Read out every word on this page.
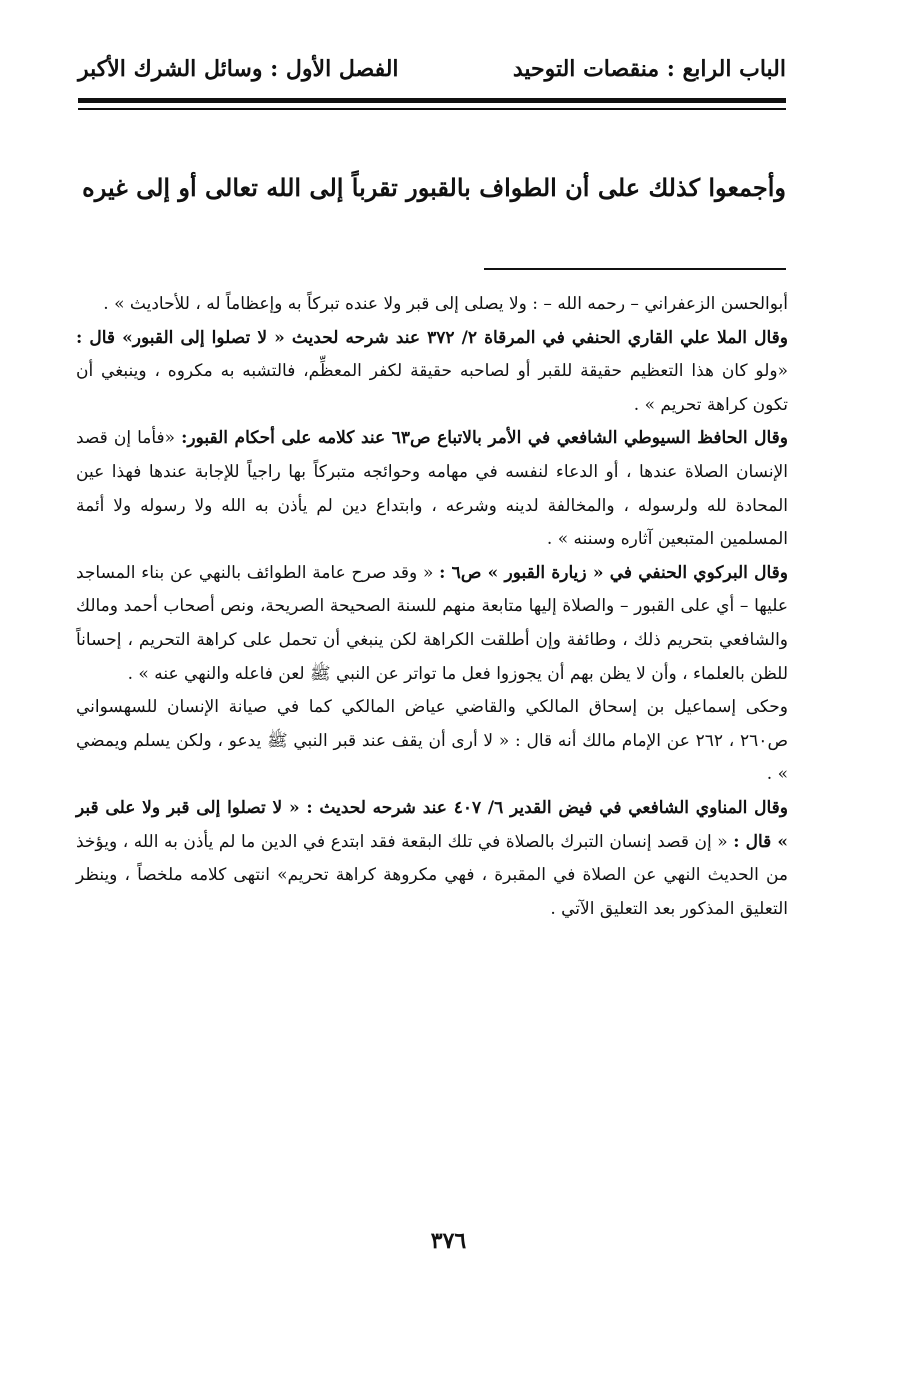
الباب الرابع : منقصات التوحيد
الفصل الأول : وسائل الشرك الأكبر
وأجمعوا كذلك على أن الطواف بالقبور تقرباً إلى الله تعالى أو إلى غيره

أبوالحسن الزعفراني – رحمه الله – : ولا يصلى إلى قبر ولا عنده تبركاً به وإعظاماً له ، للأحاديث » .

وقال الملا علي القاري الحنفي في المرقاة ٢/ ٣٧٢ عند شرحه لحديث « لا تصلوا إلى القبور» قال : «ولو كان هذا التعظيم حقيقة للقبر أو لصاحبه حقيقة لكفر المعظِّم، فالتشبه به مكروه ، وينبغي أن تكون كراهة تحريم » .

وقال الحافظ السيوطي الشافعي في الأمر بالاتباع ص٦٣ عند كلامه على أحكام القبور: «فأما إن قصد الإنسان الصلاة عندها ، أو الدعاء لنفسه في مهامه وحوائجه متبركاً بها راجياً للإجابة عندها فهذا عين المحادة لله ولرسوله ، والمخالفة لدينه وشرعه ، وابتداع دين لم يأذن به الله ولا رسوله ولا أئمة المسلمين المتبعين آثاره وسننه » .

وقال البركوي الحنفي في « زيارة القبور » ص٦ : « وقد صرح عامة الطوائف بالنهي عن بناء المساجد عليها – أي على القبور – والصلاة إليها متابعة منهم للسنة الصحيحة الصريحة، ونص أصحاب أحمد ومالك والشافعي بتحريم ذلك ، وطائفة وإن أطلقت الكراهة لكن ينبغي أن تحمل على كراهة التحريم ، إحساناً للظن بالعلماء ، وأن لا يظن بهم أن يجوزوا فعل ما تواتر عن النبي ﷺ لعن فاعله والنهي عنه » .

وحكى إسماعيل بن إسحاق المالكي والقاضي عياض المالكي كما في صيانة الإنسان للسهسواني ص٢٦٠ ، ٢٦٢ عن الإمام مالك أنه قال : « لا أرى أن يقف عند قبر النبي ﷺ يدعو ، ولكن يسلم ويمضي » .

وقال المناوي الشافعي في فيض القدير ٦/ ٤٠٧ عند شرحه لحديث : « لا تصلوا إلى قبر ولا على قبر » قال : « إن قصد إنسان التبرك بالصلاة في تلك البقعة فقد ابتدع في الدين ما لم يأذن به الله ، ويؤخذ من الحديث النهي عن الصلاة في المقبرة ، فهي مكروهة كراهة تحريم» انتهى كلامه ملخصاً ، وينظر التعليق المذكور بعد التعليق الآتي .

٣٧٦
